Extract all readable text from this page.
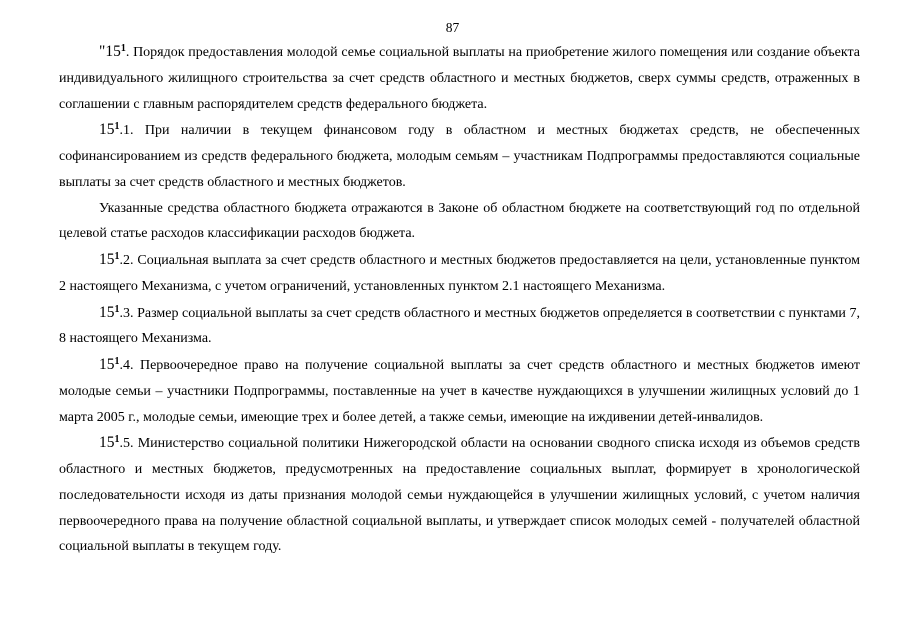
87

"$15^1$. Порядок предоставления молодой семье социальной выплаты на приобретение жилого помещения или создание объекта индивидуального жилищного строительства за счет средств областного и местных бюджетов, сверх суммы средств, отраженных в соглашении с главным распорядителем средств федерального бюджета.

$15^1.1$. При наличии в текущем финансовом году в областном и местных бюджетах средств, не обеспеченных софинансированием из средств федерального бюджета, молодым семьям – участникам Подпрограммы предоставляются социальные выплаты за счет средств областного и местных бюджетов.

Указанные средства областного бюджета отражаются в Законе об областном бюджете на соответствующий год по отдельной целевой статье расходов классификации расходов бюджета.

$15^1.2$. Социальная выплата за счет средств областного и местных бюджетов предоставляется на цели, установленные пунктом 2 настоящего Механизма, с учетом ограничений, установленных пунктом 2.1 настоящего Механизма.

$15^1.3$. Размер социальной выплаты за счет средств областного и местных бюджетов определяется в соответствии с пунктами 7, 8 настоящего Механизма.

$15^1.4$. Первоочередное право на получение социальной выплаты за счет средств областного и местных бюджетов имеют молодые семьи – участники Подпрограммы, поставленные на учет в качестве нуждающихся в улучшении жилищных условий до 1 марта 2005 г., молодые семьи, имеющие трех и более детей, а также семьи, имеющие на иждивении детей-инвалидов.

$15^1.5$. Министерство социальной политики Нижегородской области на основании сводного списка исходя из объемов средств областного и местных бюджетов, предусмотренных на предоставление социальных выплат, формирует в хронологической последовательности исходя из даты признания молодой семьи нуждающейся в улучшении жилищных условий, с учетом наличия первоочередного права на получение областной социальной выплаты, и утверждает список молодых семей - получателей областной социальной выплаты в текущем году.
